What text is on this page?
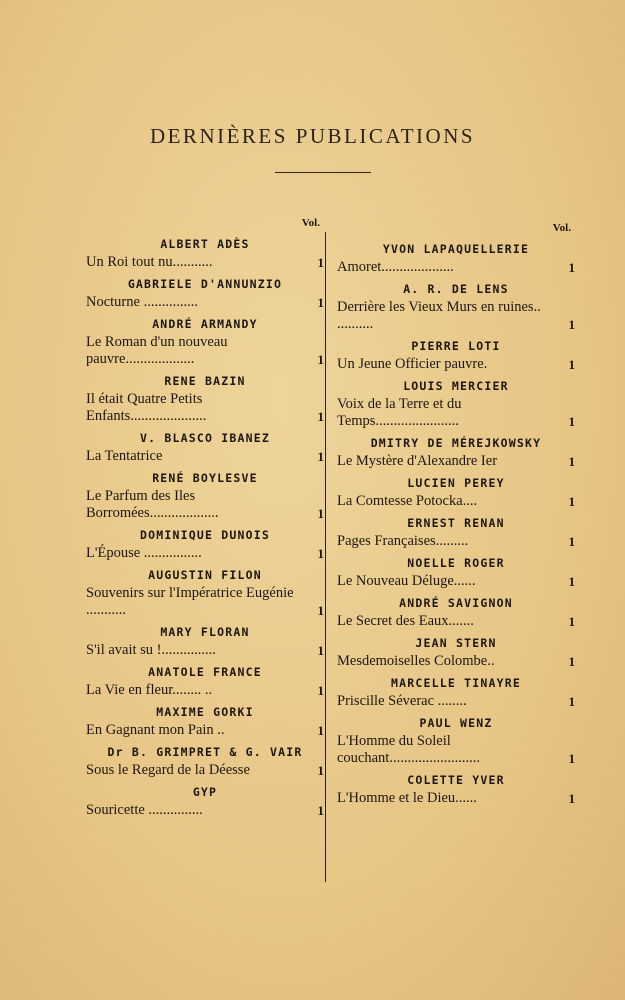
DERNIÈRES PUBLICATIONS
Vol.
ALBERT ADÈS
Un Roi tout nu...........	1
GABRIELE D'ANNUNZIO
Nocturne ...............	1
ANDRÉ ARMANDY
Le Roman d'un nouveau pauvre...................	1
RENE BAZIN
Il était Quatre Petits Enfants.....................	1
V. BLASCO IBANEZ
La Tentatrice	1
RENÉ BOYLESVE
Le Parfum des Iles Borromées...................	1
DOMINIQUE DUNOIS
L'Épouse ................	1
AUGUSTIN FILON
Souvenirs sur l'Impératrice Eugénie ...........	1
MARY FLORAN
S'il avait su !...............	1
ANATOLE FRANCE
La Vie en fleur........ ..	1
MAXIME GORKI
En Gagnant mon Pain ..	1
Dr B. GRIMPRET & G. VAIR
Sous le Regard de la Déesse	1
GYP
Souricette ...............	1
Vol.
YVON LAPAQUELLERIE
Amoret....................	1
A. R. DE LENS
Derrière les Vieux Murs en ruines.. ..........	1
PIERRE LOTI
Un Jeune Officier pauvre.	1
LOUIS MERCIER
Voix de la Terre et du Temps.......................	1
DMITRY DE MÉREJKOWSKY
Le Mystère d'Alexandre Ier	1
LUCIEN PEREY
La Comtesse Potocka....	1
ERNEST RENAN
Pages Françaises.........	1
NOELLE ROGER
Le Nouveau Déluge......	1
ANDRÉ SAVIGNON
Le Secret des Eaux.......	1
JEAN STERN
Mesdemoiselles Colombe..	1
MARCELLE TINAYRE
Priscille Séverac ........	1
PAUL WENZ
L'Homme du Soleil couchant.........................	1
COLETTE YVER
L'Homme et le Dieu......	1
